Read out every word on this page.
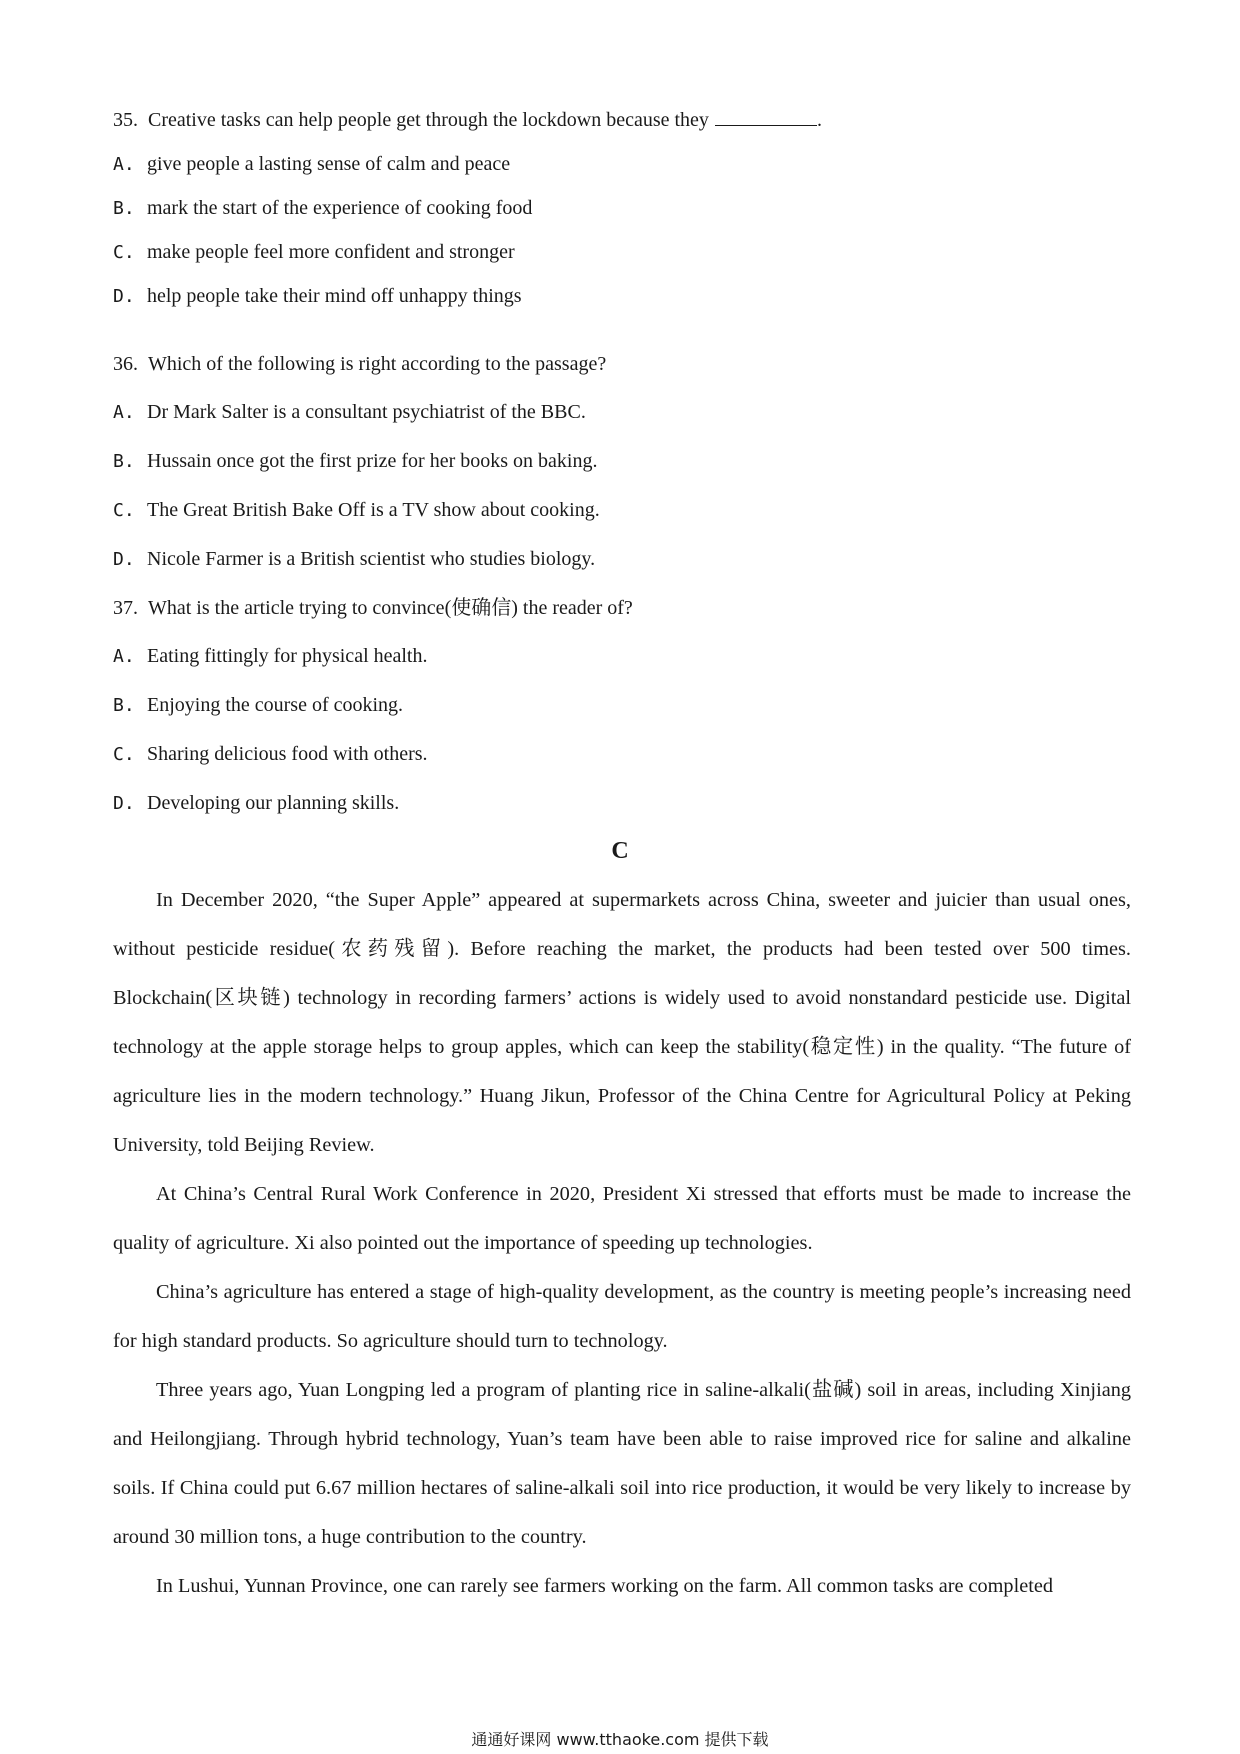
35. Creative tasks can help people get through the lockdown because they	.
A. give people a lasting sense of calm and peace
B. mark the start of the experience of cooking food
C. make people feel more confident and stronger
D. help people take their mind off unhappy things
36. Which of the following is right according to the passage?
A. Dr Mark Salter is a consultant psychiatrist of the BBC.
B. Hussain once got the first prize for her books on baking.
C. The Great British Bake Off is a TV show about cooking.
D. Nicole Farmer is a British scientist who studies biology.
37. What is the article trying to convince(使确信) the reader of?
A. Eating fittingly for physical health.
B. Enjoying the course of cooking.
C. Sharing delicious food with others.
D. Developing our planning skills.
C
In December 2020, “the Super Apple” appeared at supermarkets across China, sweeter and juicier than usual ones, without pesticide residue(农药残留). Before reaching the market, the products had been tested over 500 times. Blockchain(区块链) technology in recording farmers’ actions is widely used to avoid nonstandard pesticide use. Digital technology at the apple storage helps to group apples, which can keep the stability(稳定性) in the quality. “The future of agriculture lies in the modern technology.” Huang Jikun, Professor of the China Centre for Agricultural Policy at Peking University, told Beijing Review.
At China’s Central Rural Work Conference in 2020, President Xi stressed that efforts must be made to increase the quality of agriculture. Xi also pointed out the importance of speeding up technologies.
China’s agriculture has entered a stage of high-quality development, as the country is meeting people’s increasing need for high standard products. So agriculture should turn to technology.
Three years ago, Yuan Longping led a program of planting rice in saline-alkali(盐碱) soil in areas, including Xinjiang and Heilongjiang. Through hybrid technology, Yuan’s team have been able to raise improved rice for saline and alkaline soils. If China could put 6.67 million hectares of saline-alkali soil into rice production, it would be very likely to increase by around 30 million tons, a huge contribution to the country.
In Lushui, Yunnan Province, one can rarely see farmers working on the farm. All common tasks are completed
通通好课网 www.tthaoke.com 提供下载
